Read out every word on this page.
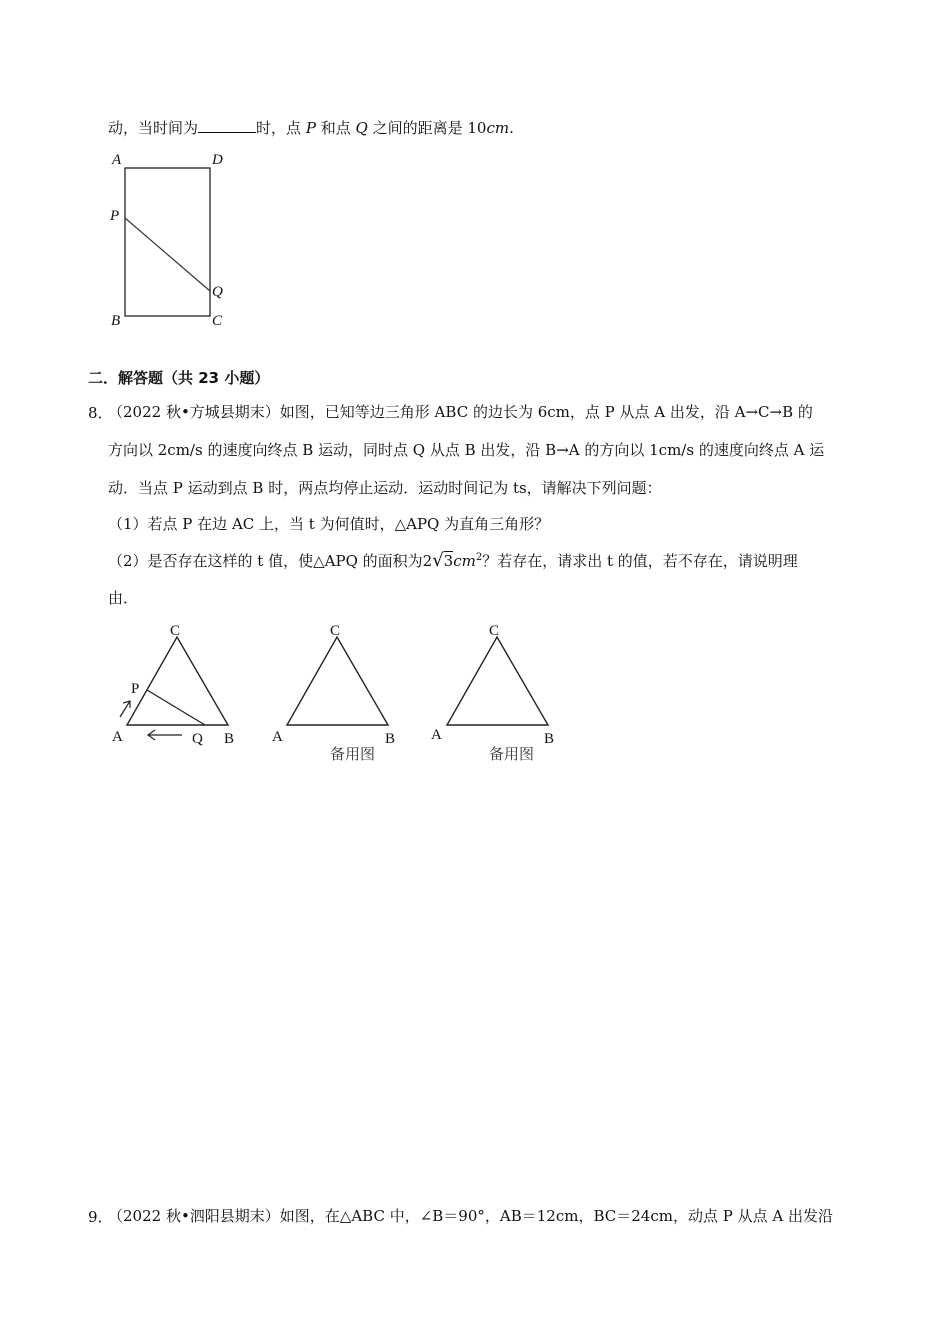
动，当时间为	时，点 P 和点 Q 之间的距离是 10cm.
A	D
P
Q
B	C
二．解答题（共 23 小题）
8．
（2022 秋•方城县期末）如图，已知等边三角形 ABC 的边长为 6cm，点 P 从点 A 出发，沿 A→C→B 的
方向以 2cm/s 的速度向终点 B 运动，同时点 Q 从点 B 出发，沿 B→A 的方向以 1cm/s 的速度向终点 A 运
动．当点 P 运动到点 B 时，两点均停止运动．运动时间记为 ts，请解决下列问题：
（1）若点 P 在边 AC 上，当 t 为何值时，△APQ 为直角三角形？
（2）是否存在这样的 t 值，使△APQ 的面积为$2√3cm^2$？若存在，请求出 t 的值，若不存在，请说明理
由．
C
P
A	Q B
C
A	B
备用图
C
A	B
备用图
9．
（2022 秋•泗阳县期末）如图，在△ABC 中，∠B＝90°，AB＝12cm，BC＝24cm，动点 P 从点 A 出发沿
